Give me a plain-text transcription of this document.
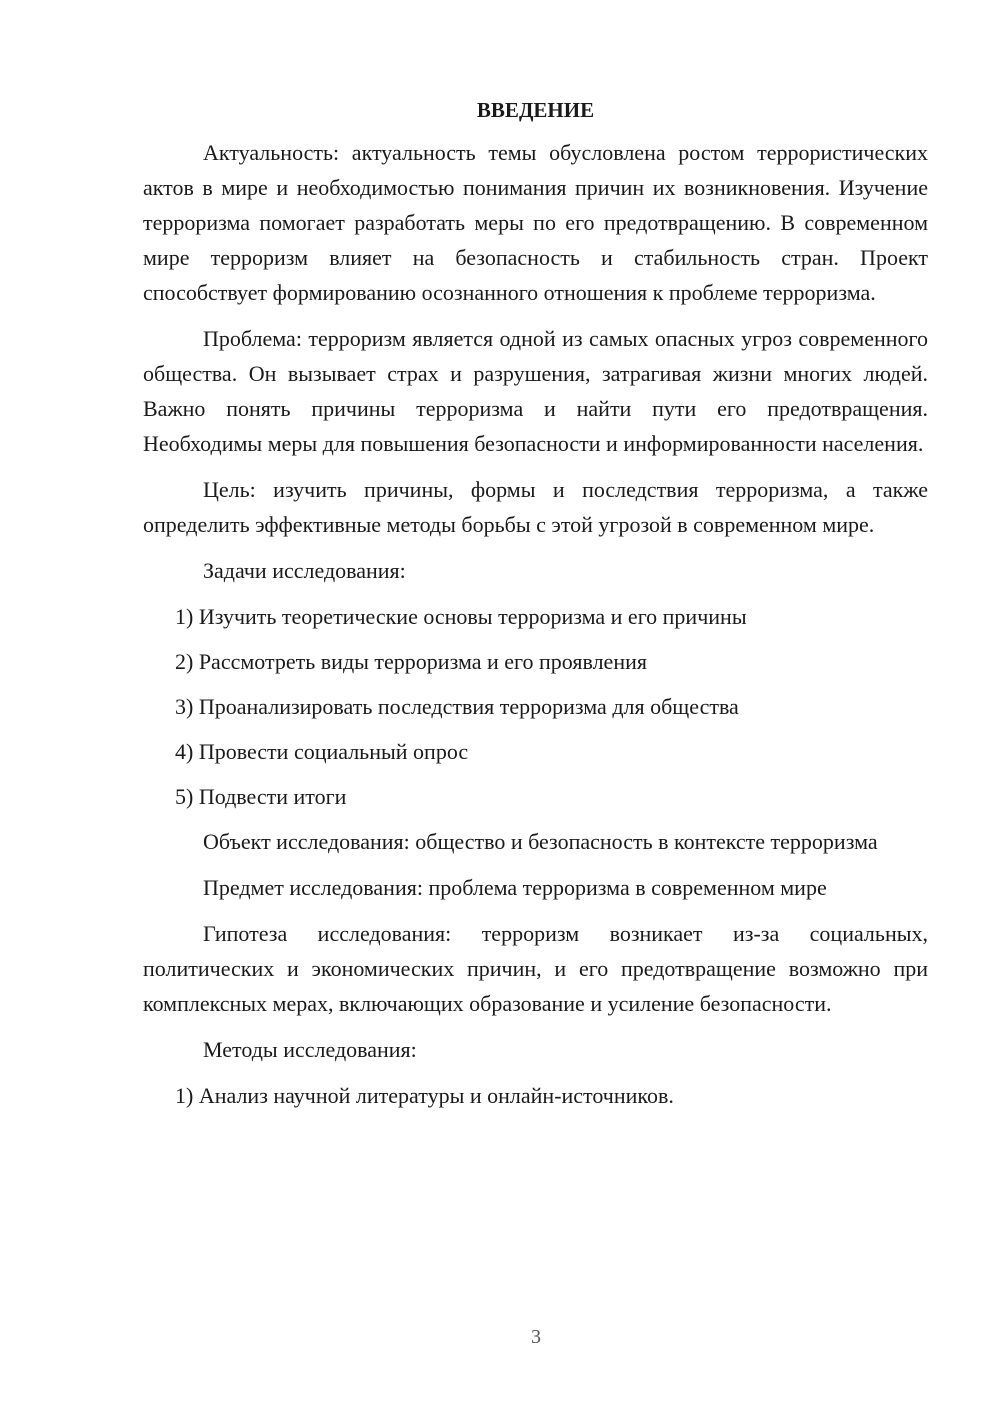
ВВЕДЕНИЕ

Актуальность: актуальность темы обусловлена ростом террористических актов в мире и необходимостью понимания причин их возникновения. Изучение терроризма помогает разработать меры по его предотвращению. В современном мире терроризм влияет на безопасность и стабильность стран. Проект способствует формированию осознанного отношения к проблеме терроризма.

Проблема: терроризм является одной из самых опасных угроз современного общества. Он вызывает страх и разрушения, затрагивая жизни многих людей. Важно понять причины терроризма и найти пути его предотвращения. Необходимы меры для повышения безопасности и информированности населения.

Цель: изучить причины, формы и последствия терроризма, а также определить эффективные методы борьбы с этой угрозой в современном мире.

Задачи исследования:

1) Изучить теоретические основы терроризма и его причины
2) Рассмотреть виды терроризма и его проявления
3) Проанализировать последствия терроризма для общества
4) Провести социальный опрос
5) Подвести итоги

Объект исследования: общество и безопасность в контексте терроризма

Предмет исследования: проблема терроризма в современном мире

Гипотеза исследования: терроризм возникает из-за социальных, политических и экономических причин, и его предотвращение возможно при комплексных мерах, включающих образование и усиление безопасности.

Методы исследования:

1) Анализ научной литературы и онлайн-источников.
3
